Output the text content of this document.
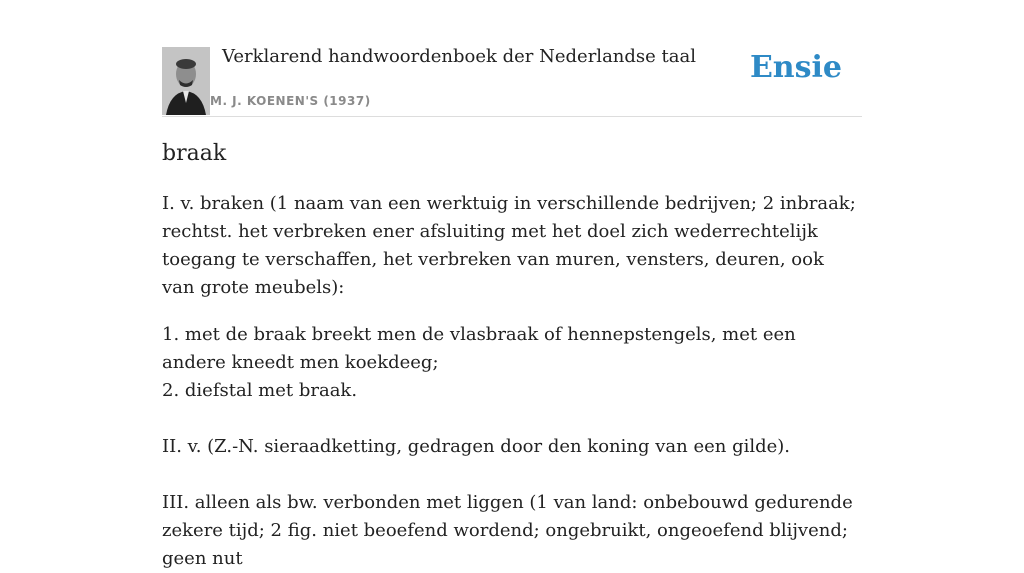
Verklarend handwoordenboek der Nederlandse taal
M. J. KOENEN'S (1937)
Ensie
braak

I. v. braken (1 naam van een werktuig in verschillende bedrijven; 2 inbraak; rechtst. het verbreken ener afsluiting met het doel zich wederrechtelijk toegang te verschaffen, het verbreken van muren, vensters, deuren, ook van grote meubels):

1. met de braak breekt men de vlasbraak of hennepstengels, met een andere kneedt men koekdeeg;

2. diefstal met braak.

II. v. (Z.-N. sieraadketting, gedragen door den koning van een gilde).

III. alleen als bw. verbonden met liggen (1 van land: onbebouwd gedurende zekere tijd; 2 fig. niet beoefend wordend; ongebruikt, ongeoefend blijvend; geen nut
